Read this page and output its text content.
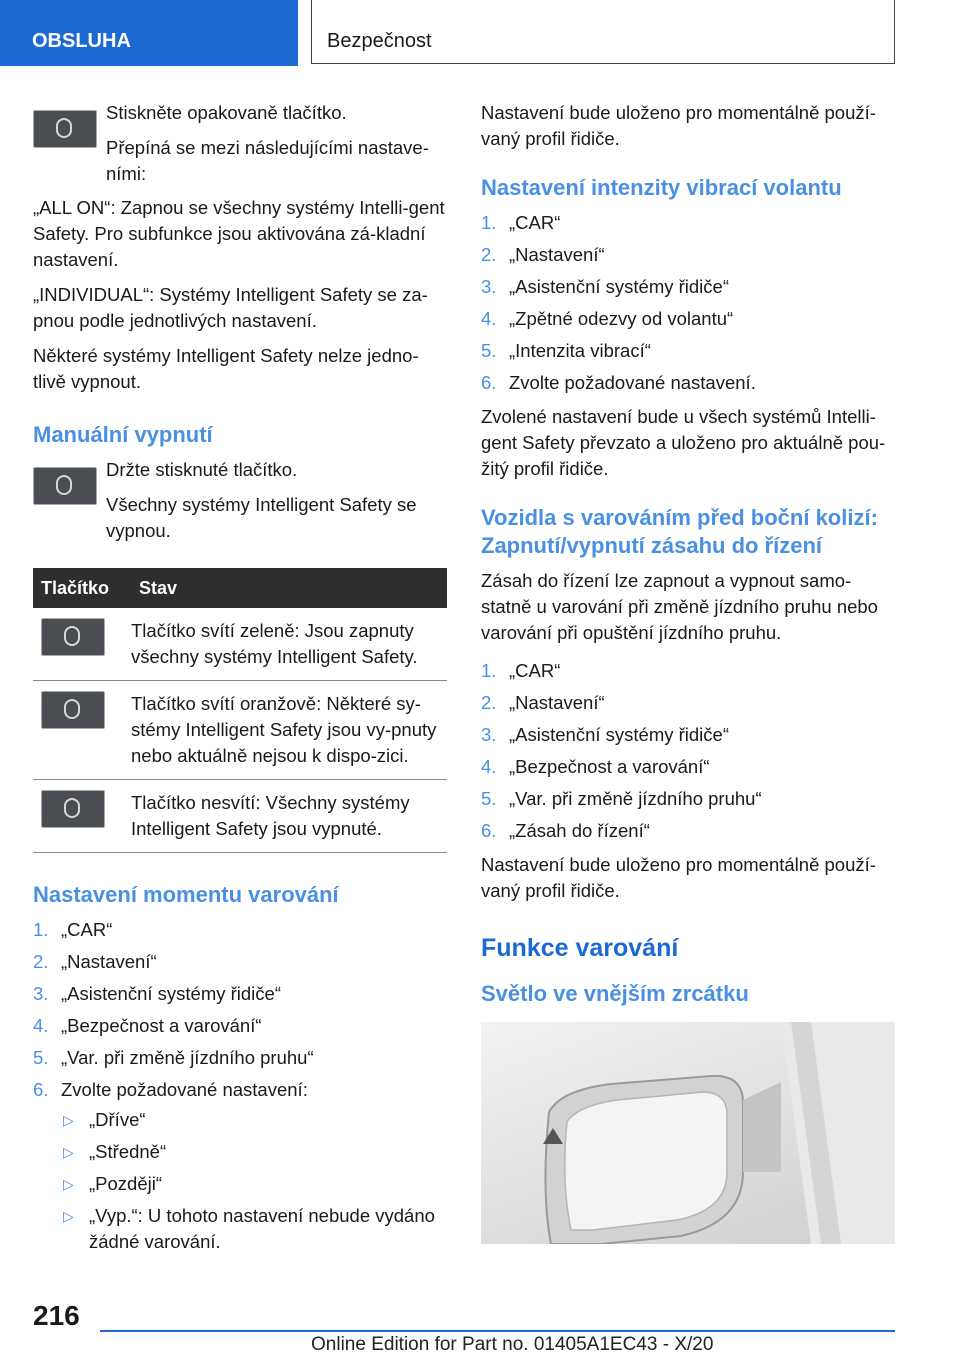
OBSLUHA	Bezpečnost

Stiskněte opakovaně tlačítko.

Přepíná se mezi následujícími nastave‐ními:

„ALL ON“: Zapnou se všechny systémy Intelli‐gent Safety. Pro subfunkce jsou aktivována zá‐kladní nastavení.

„INDIVIDUAL“: Systémy Intelligent Safety se za‐pnou podle jednotlivých nastavení.

Některé systémy Intelligent Safety nelze jedno‐tlivě vypnout.

Manuální vypnutí

Držte stisknuté tlačítko.

Všechny systémy Intelligent Safety se vypnou.

Tlačítko	Stav

	Tlačítko svítí zeleně: Jsou zapnuty všechny systémy Intelligent Safety.

	Tlačítko svítí oranžově: Některé sy‐stémy Intelligent Safety jsou vy‐pnuty nebo aktuálně nejsou k dispo‐zici.

	Tlačítko nesvítí: Všechny systémy Intelligent Safety jsou vypnuté.
Nastavení momentu varování
1. „CAR“
2. „Nastavení“
3. „Asistenční systémy řidiče“
4. „Bezpečnost a varování“
5. „Var. při změně jízdního pruhu“
6. Zvolte požadované nastavení:
▷ „Dříve“
▷ „Středně“
▷ „Později“
▷ „Vyp.“: U tohoto nastavení nebude vydáno žádné varování.

Nastavení bude uloženo pro momentálně použí‐vaný profil řidiče.

Nastavení intenzity vibrací volantu
1. „CAR“
2. „Nastavení“
3. „Asistenční systémy řidiče“
4. „Zpětné odezvy od volantu“
5. „Intenzita vibrací“
6. Zvolte požadované nastavení.

Zvolené nastavení bude u všech systémů Intelli‐gent Safety převzato a uloženo pro aktuálně pou‐žitý profil řidiče.

Vozidla s varováním před boční kolizí: Zapnutí/vypnutí zásahu do řízení

Zásah do řízení lze zapnout a vypnout samo‐statně u varování při změně jízdního pruhu nebo varování při opuštění jízdního pruhu.

1. „CAR“
2. „Nastavení“
3. „Asistenční systémy řidiče“
4. „Bezpečnost a varování“
5. „Var. při změně jízdního pruhu“
6. „Zásah do řízení“

Nastavení bude uloženo pro momentálně použí‐vaný profil řidiče.

Funkce varování
Světlo ve vnějším zrcátku
216
Online Edition for Part no. 01405A1EC43 - X/20
